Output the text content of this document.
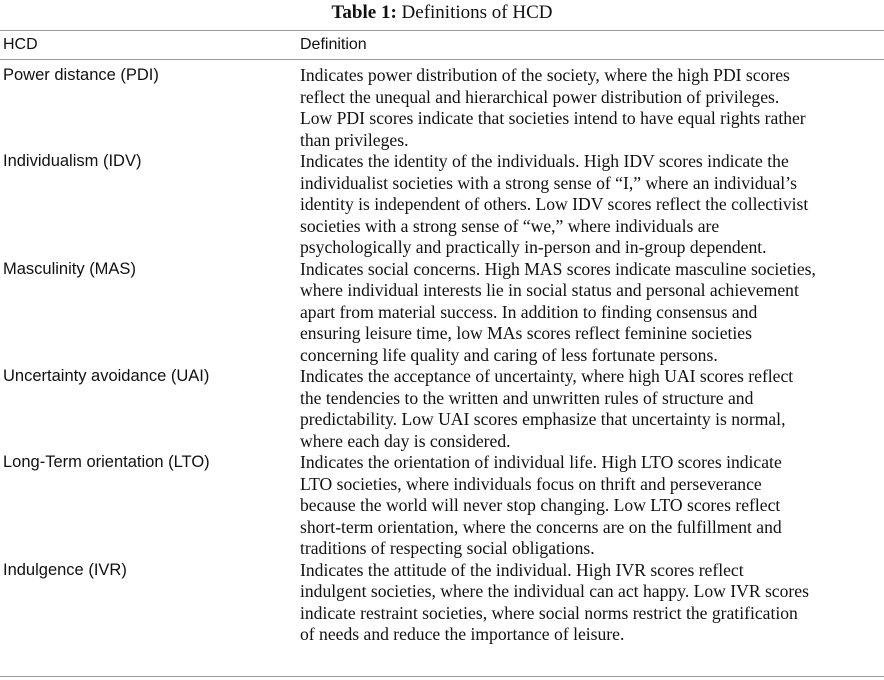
Table 1: Definitions of HCD
HCD	Definition
Power distance (PDI)	Indicates power distribution of the society, where the high PDI scores
reflect the unequal and hierarchical power distribution of privileges.
Low PDI scores indicate that societies intend to have equal rights rather
than privileges.

Individualism (IDV)	Indicates the identity of the individuals. High IDV scores indicate the
individualist societies with a strong sense of “I,” where an individual’s
identity is independent of others. Low IDV scores reflect the collectivist
societies with a strong sense of “we,” where individuals are
psychologically and practically in-person and in-group dependent.

Masculinity (MAS)	Indicates social concerns. High MAS scores indicate masculine societies,
where individual interests lie in social status and personal achievement
apart from material success. In addition to finding consensus and
ensuring leisure time, low MAs scores reflect feminine societies
concerning life quality and caring of less fortunate persons.

Uncertainty avoidance (UAI)	Indicates the acceptance of uncertainty, where high UAI scores reflect
the tendencies to the written and unwritten rules of structure and
predictability. Low UAI scores emphasize that uncertainty is normal,
where each day is considered.

Long-Term orientation (LTO)	Indicates the orientation of individual life. High LTO scores indicate
LTO societies, where individuals focus on thrift and perseverance
because the world will never stop changing. Low LTO scores reflect
short-term orientation, where the concerns are on the fulfillment and
traditions of respecting social obligations.

Indulgence (IVR)	Indicates the attitude of the individual. High IVR scores reflect
indulgent societies, where the individual can act happy. Low IVR scores
indicate restraint societies, where social norms restrict the gratification
of needs and reduce the importance of leisure.
